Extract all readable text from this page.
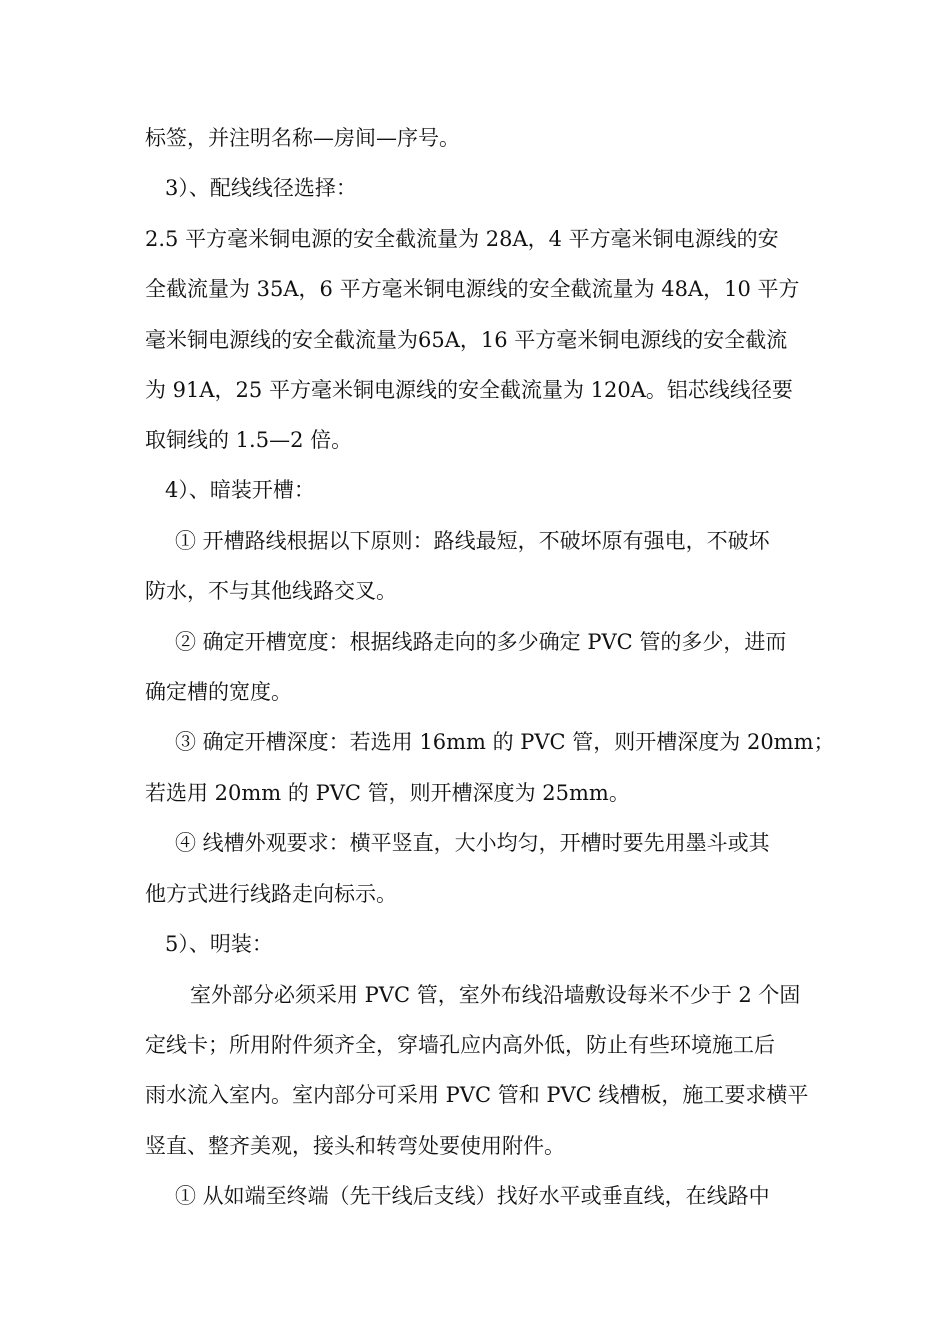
标签，并注明名称—房间—序号。
3）、配线线径选择：
2.5 平方毫米铜电源的安全截流量为 28A，4 平方毫米铜电源线的安
全截流量为 35A，6 平方毫米铜电源线的安全截流量为 48A，10 平方
毫米铜电源线的安全截流量为65A，16 平方毫米铜电源线的安全截流
为 91A，25 平方毫米铜电源线的安全截流量为 120A。铝芯线线径要
取铜线的 1.5—2 倍。
4）、暗装开槽：
① 开槽路线根据以下原则：路线最短，不破坏原有强电，不破坏
防水，不与其他线路交叉。
② 确定开槽宽度：根据线路走向的多少确定 PVC 管的多少，进而
确定槽的宽度。
③ 确定开槽深度：若选用 16mm 的 PVC 管，则开槽深度为 20mm；
若选用 20mm 的 PVC 管，则开槽深度为 25mm。
④ 线槽外观要求：横平竖直，大小均匀，开槽时要先用墨斗或其
他方式进行线路走向标示。
5）、明装：
室外部分必须采用 PVC 管，室外布线沿墙敷设每米不少于 2 个固
定线卡；所用附件须齐全，穿墙孔应内高外低，防止有些环境施工后
雨水流入室内。室内部分可采用 PVC 管和 PVC 线槽板，施工要求横平
竖直、整齐美观，接头和转弯处要使用附件。
① 从如端至终端（先干线后支线）找好水平或垂直线，在线路中
